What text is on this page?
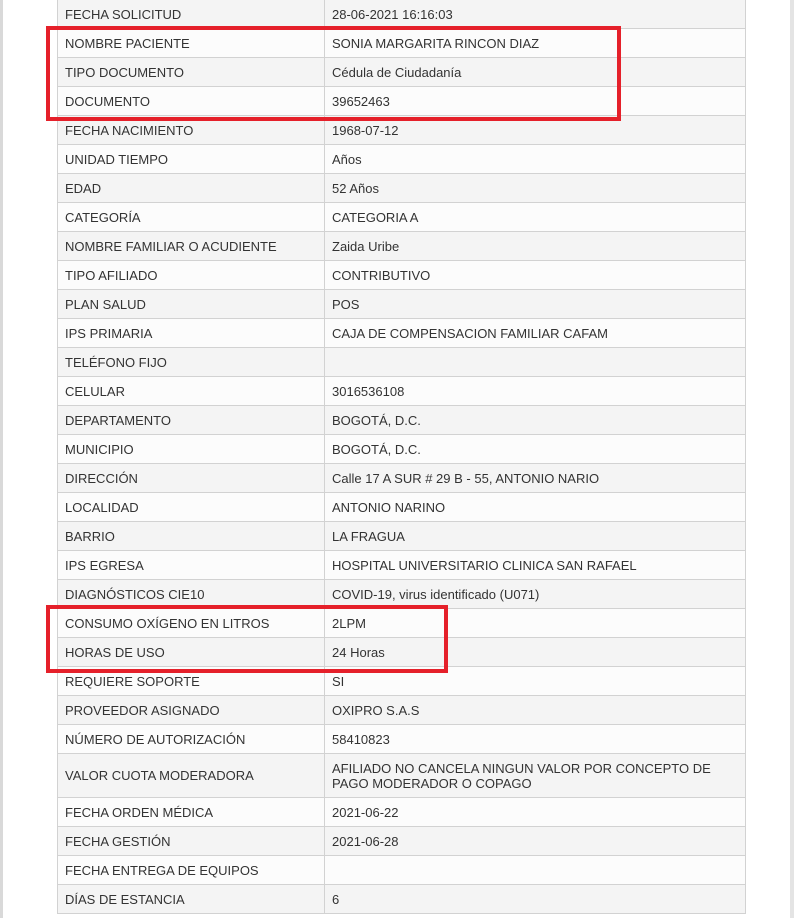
FECHA SOLICITUD	28-06-2021 16:16:03
NOMBRE PACIENTE	SONIA MARGARITA RINCON DIAZ
TIPO DOCUMENTO	Cédula de Ciudadanía
DOCUMENTO	39652463
FECHA NACIMIENTO	1968-07-12
UNIDAD TIEMPO	Años
EDAD	52 Años
CATEGORÍA	CATEGORIA A
NOMBRE FAMILIAR O ACUDIENTE	Zaida Uribe
TIPO AFILIADO	CONTRIBUTIVO
PLAN SALUD	POS
IPS PRIMARIA	CAJA DE COMPENSACION FAMILIAR CAFAM
TELÉFONO FIJO	
CELULAR	3016536108
DEPARTAMENTO	BOGOTÁ, D.C.
MUNICIPIO	BOGOTÁ, D.C.
DIRECCIÓN	Calle 17 A SUR # 29 B - 55, ANTONIO NARIO
LOCALIDAD	ANTONIO NARINO
BARRIO	LA FRAGUA
IPS EGRESA	HOSPITAL UNIVERSITARIO CLINICA SAN RAFAEL
DIAGNÓSTICOS CIE10	COVID-19, virus identificado (U071)
CONSUMO OXÍGENO EN LITROS	2LPM
HORAS DE USO	24 Horas
REQUIERE SOPORTE	SI
PROVEEDOR ASIGNADO	OXIPRO S.A.S
NÚMERO DE AUTORIZACIÓN	58410823
VALOR CUOTA MODERADORA	AFILIADO NO CANCELA NINGUN VALOR POR CONCEPTO DE PAGO MODERADOR O COPAGO
FECHA ORDEN MÉDICA	2021-06-22
FECHA GESTIÓN	2021-06-28
FECHA ENTREGA DE EQUIPOS	
DÍAS DE ESTANCIA	6
